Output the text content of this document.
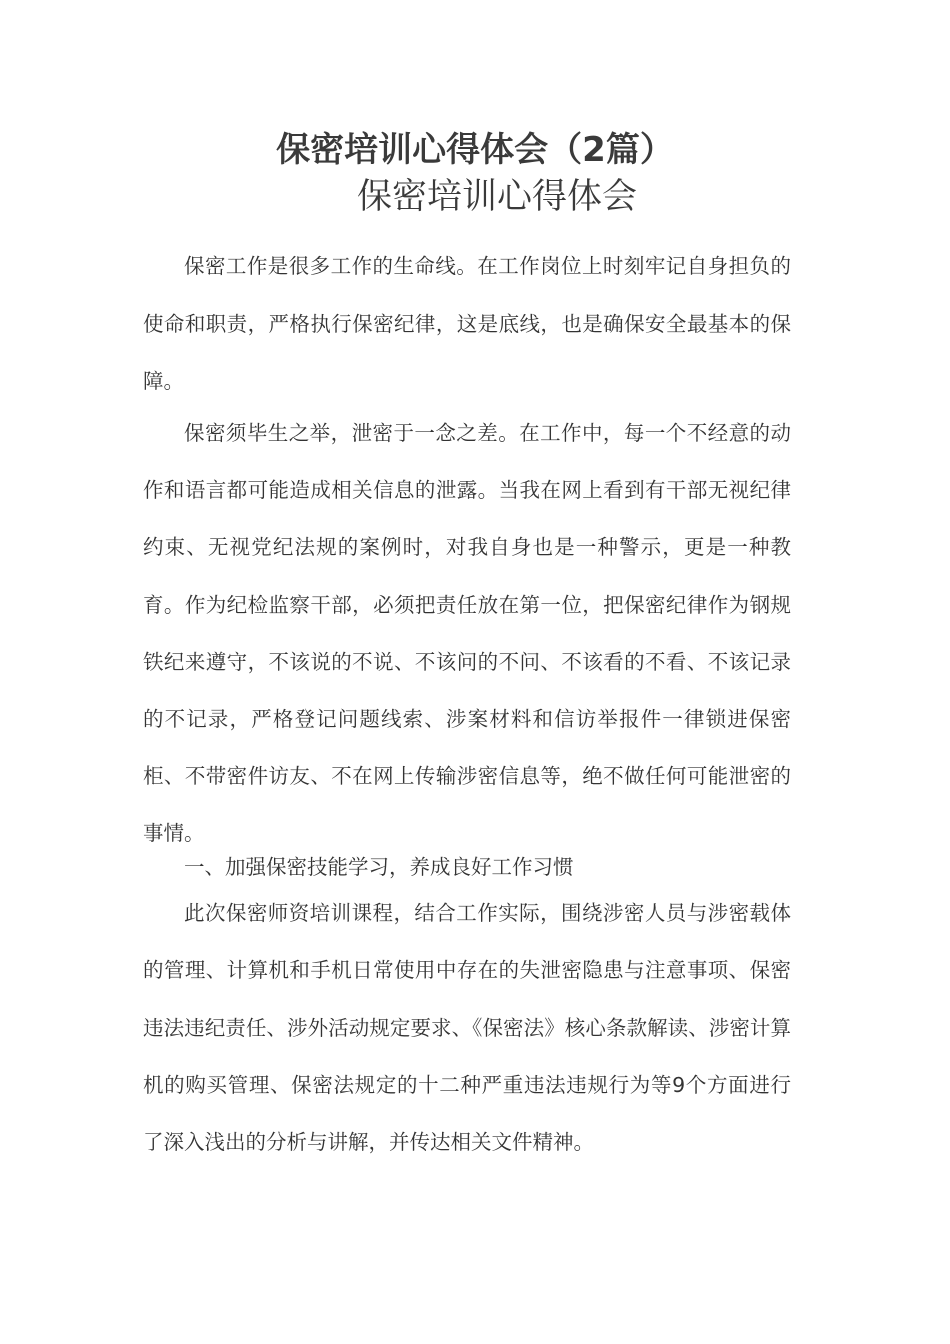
保密培训心得体会（2篇）
保密培训心得体会
保密工作是很多工作的生命线。在工作岗位上时刻牢记自身担负的使命和职责，严格执行保密纪律，这是底线，也是确保安全最基本的保障。
保密须毕生之举，泄密于一念之差。在工作中，每一个不经意的动作和语言都可能造成相关信息的泄露。当我在网上看到有干部无视纪律约束、无视党纪法规的案例时，对我自身也是一种警示，更是一种教育。作为纪检监察干部，必须把责任放在第一位，把保密纪律作为钢规铁纪来遵守，不该说的不说、不该问的不问、不该看的不看、不该记录的不记录，严格登记问题线索、涉案材料和信访举报件一律锁进保密柜、不带密件访友、不在网上传输涉密信息等，绝不做任何可能泄密的事情。
一、加强保密技能学习，养成良好工作习惯
此次保密师资培训课程，结合工作实际，围绕涉密人员与涉密载体的管理、计算机和手机日常使用中存在的失泄密隐患与注意事项、保密违法违纪责任、涉外活动规定要求、《保密法》核心条款解读、涉密计算机的购买管理、保密法规定的十二种严重违法违规行为等9个方面进行了深入浅出的分析与讲解，并传达相关文件精神。
